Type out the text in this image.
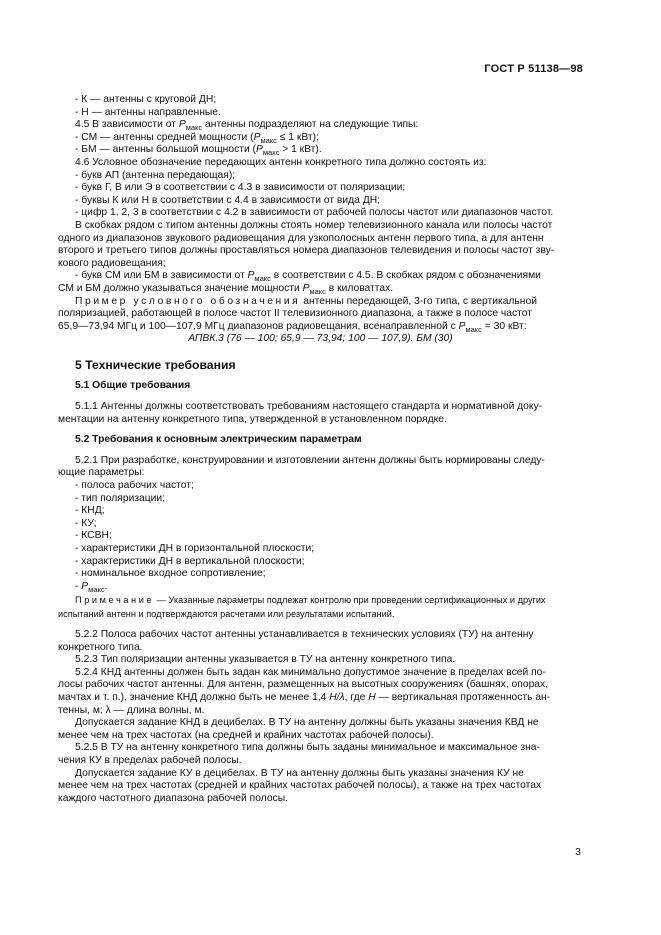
ГОСТ Р 51138—98

- К — антенны с круговой ДН;

- Н — антенны направленные.

4.5 В зависимости от $P_{макс}$ антенны подразделяют на следующие типы:

- СМ — антенны средней мощности ($P_{макс} \le 1$ кВт);

- БМ — антенны большой мощности ($P_{макс} > 1$ кВт).

4.6 Условное обозначение передающих антенн конкретного типа должно состоять из:

- букв АП (антенна передающая);

- букв Г, В или Э в соответствии с 4.3 в зависимости от поляризации;

- буквы К или Н в соответствии с 4.4 в зависимости от вида ДН;

- цифр 1, 2, 3 в соответствии с 4.2 в зависимости от рабочей полосы частот или диапазонов частот.

В скобках рядом с типом антенны должны стоять номер телевизионного канала или полосы частот

одного из диапазонов звукового радиовещания для узкополосных антенн первого типа, а для антенн

второго и третьего типов должны проставляться номера диапазонов телевидения и полосы частот зву-

кового радиовещания;

- букв СМ или БМ в зависимости от $P_{макс}$ в соответствии с 4.5. В скобках рядом с обозначениями

СМ и БМ должно указываться значение мощности $P_{макс}$ в киловаттах.

Пример условного обозначения антенны передающей, 3-го типа, с вертикальной

поляризацией, работающей в полосе частот II телевизионного диапазона, а также в полосе частот

65,9—73,94 МГц и 100—107,9 МГц диапазонов радиовещания, всенаправленной с $P_{макс} = 30$ кВт:

АПВК.3 (76 — 100; 65,9 — 73,94; 100 — 107,9). БМ (30)

5 Технические требования
5.1 Общие требования

5.1.1 Антенны должны соответствовать требованиям настоящего стандарта и нормативной доку-

ментации на антенну конкретного типа, утвержденной в установленном порядке.

5.2 Требования к основным электрическим параметрам

5.2.1 При разработке, конструировании и изготовлении антенн должны быть нормированы следу-

ющие параметры:

- полоса рабочих частот;

- тип поляризации;

- КНД;

- КУ;

- КСВН;

- характеристики ДН в горизонтальной плоскости;

- характеристики ДН в вертикальной плоскости;

- номинальное входное сопротивление;

- $P_{макс}$.

Примечание — Указанные параметры подлежат контролю при проведении сертификационных и других

испытаний антенн и подтверждаются расчетами или результатами испытаний.

5.2.2 Полоса рабочих частот антенны устанавливается в технических условиях (ТУ) на антенну

конкретного типа.

5.2.3 Тип поляризации антенны указывается в ТУ на антенну конкретного типа.

5.2.4 КНД антенны должен быть задан как минимально допустимое значение в пределах всей по-

лосы рабочих частот антенны. Для антенн, размещенных на высотных сооружениях (башнях, опорах,

мачтах и т. п.), значение КНД должно быть не менее 1,4 H/λ, где H — вертикальная протяженность ан-

тенны, м; λ — длина волны, м.

Допускается задание КНД в децибелах. В ТУ на антенну должны быть указаны значения КВД не

менее чем на трех частотах (на средней и крайних частотах рабочей полосы).

5.2.5 В ТУ на антенну конкретного типа должны быть заданы минимальное и максимальное зна-

чения КУ в пределах рабочей полосы.

Допускается задание КУ в децибелах. В ТУ на антенну должны быть указаны значения КУ не

менее чем на трех частотах (средней и крайних частотах рабочей полосы), а также на трех частотах

каждого частотного диапазона рабочей полосы.

3
